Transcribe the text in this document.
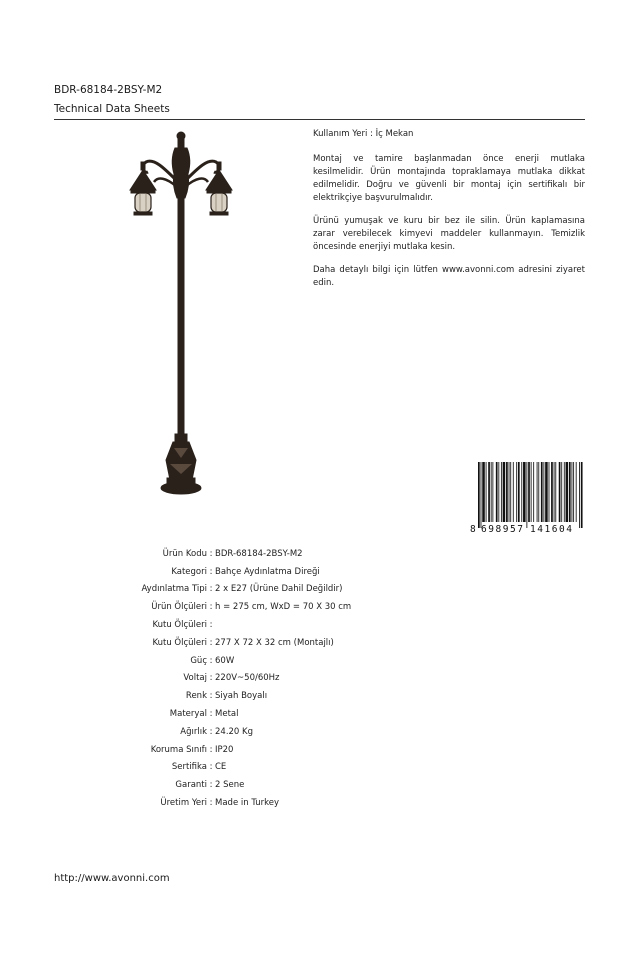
BDR-68184-2BSY-M2
Technical Data Sheets

Kullanım Yeri : İç Mekan

Montaj ve tamire başlanmadan önce enerji mutlaka kesilmelidir. Ürün montajında topraklamaya mutlaka dikkat edilmelidir. Doğru ve güvenli bir montaj için sertifikalı bir elektrikçiye başvurulmalıdır.

Ürünü yumuşak ve kuru bir bez ile silin. Ürün kaplamasına zarar verebilecek kimyevi maddeler kullanmayın. Temizlik öncesinde enerjiyi mutlaka kesin.

Daha detaylı bilgi için lütfen www.avonni.com adresini ziyaret edin.

8 698957 141604
Ürün Kodu : BDR-68184-2BSY-M2
Kategori : Bahçe Aydınlatma Direği
Aydınlatma Tipi : 2 x E27 (Ürüne Dahil Değildir)
Ürün Ölçüleri : h = 275 cm, WxD = 70 X 30 cm
Kutu Ölçüleri :
Kutu Ölçüleri : 277 X 72 X 32 cm (Montajlı)
Güç : 60W
Voltaj : 220V~50/60Hz
Renk : Siyah Boyalı
Materyal : Metal
Ağırlık : 24.20 Kg
Koruma Sınıfı : IP20
Sertifika : CE
Garanti : 2 Sene
Üretim Yeri : Made in Turkey
http://www.avonni.com
